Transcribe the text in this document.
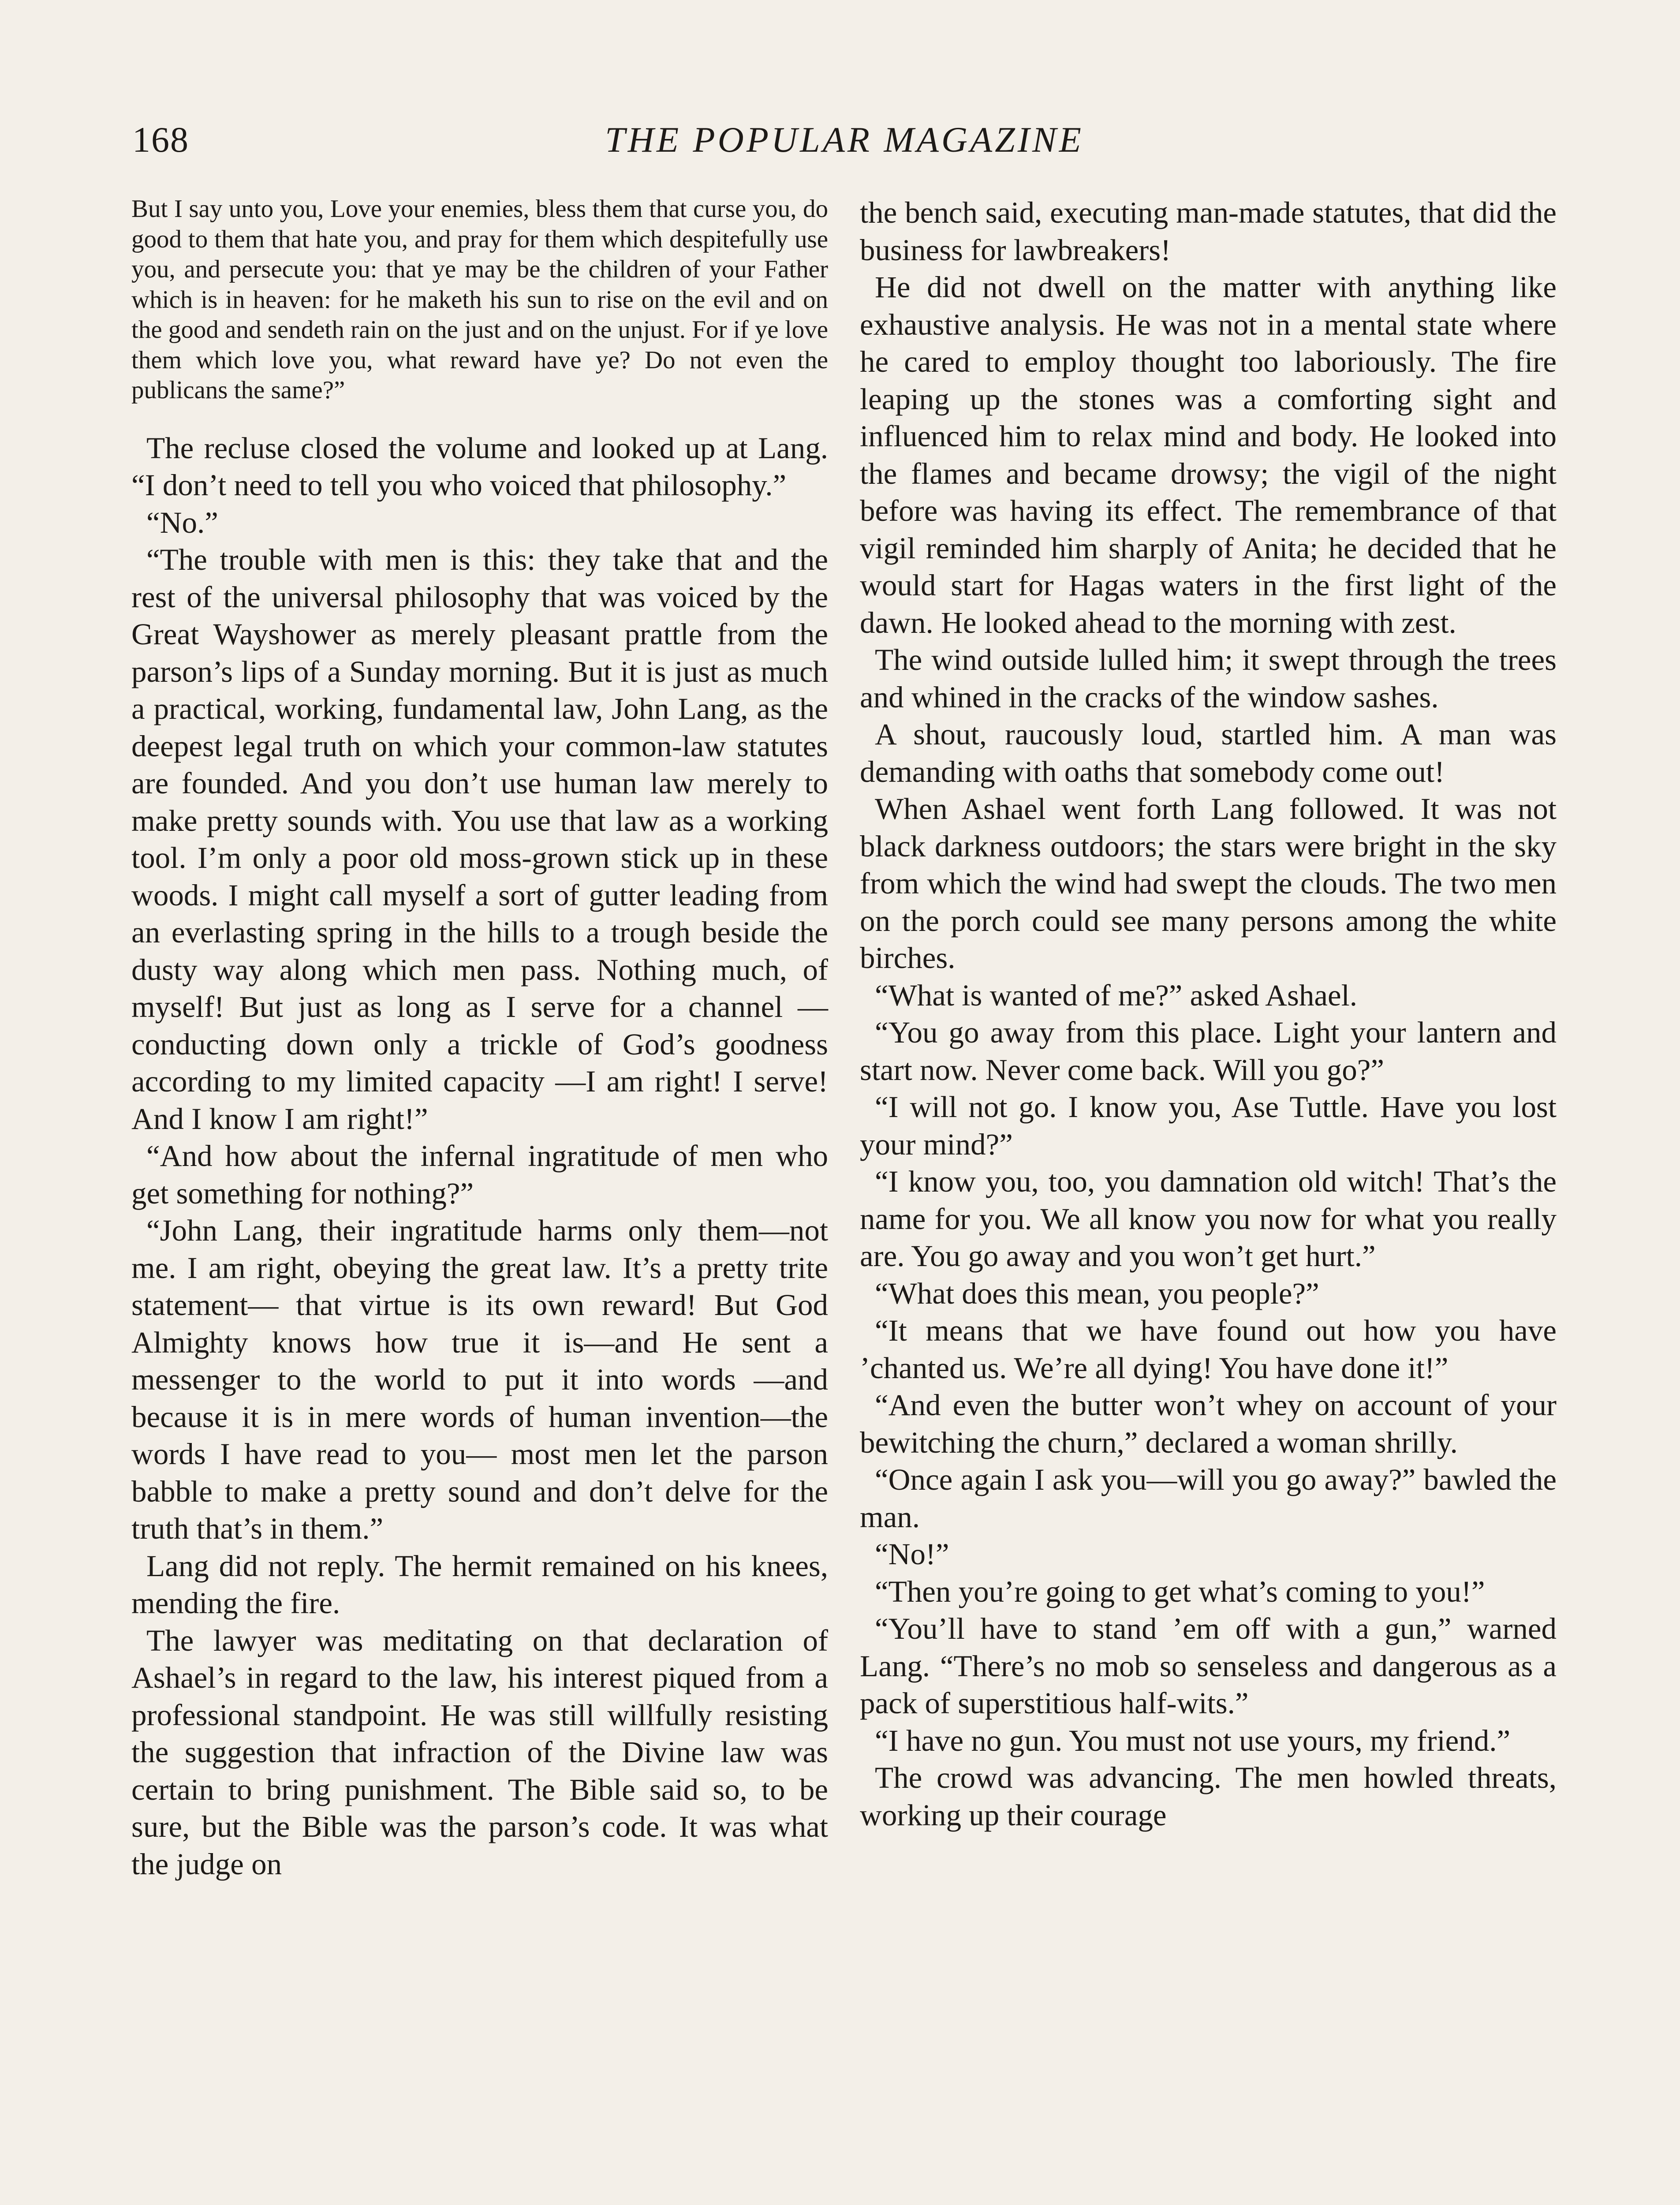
168	THE POPULAR MAGAZINE

But I say unto you, Love your enemies, bless them that curse you, do good to them that hate you, and pray for them which despitefully use you, and persecute you: that ye may be the children of your Father which is in heaven: for he maketh his sun to rise on the evil and on the good and sendeth rain on the just and on the unjust. For if ye love them which love you, what reward have ye? Do not even the publicans the same?”

The recluse closed the volume and looked up at Lang. “I don’t need to tell you who voiced that philosophy.”

“No.”

“The trouble with men is this: they take that and the rest of the universal philosophy that was voiced by the Great Wayshower as merely pleasant prattle from the parson’s lips of a Sunday morning. But it is just as much a practical, working, fundamental law, John Lang, as the deepest legal truth on which your common-law statutes are founded. And you don’t use human law merely to make pretty sounds with. You use that law as a working tool. I’m only a poor old moss-grown stick up in these woods. I might call myself a sort of gutter leading from an everlasting spring in the hills to a trough beside the dusty way along which men pass. Nothing much, of myself! But just as long as I serve for a channel —conducting down only a trickle of God’s goodness according to my limited capacity —I am right! I serve! And I know I am right!”

“And how about the infernal ingratitude of men who get something for nothing?”

“John Lang, their ingratitude harms only them—not me. I am right, obeying the great law. It’s a pretty trite statement— that virtue is its own reward! But God Almighty knows how true it is—and He sent a messenger to the world to put it into words —and because it is in mere words of human invention—the words I have read to you— most men let the parson babble to make a pretty sound and don’t delve for the truth that’s in them.”

Lang did not reply. The hermit remained on his knees, mending the fire.

The lawyer was meditating on that declaration of Ashael’s in regard to the law, his interest piqued from a professional standpoint. He was still willfully resisting the suggestion that infraction of the Divine law was certain to bring punishment. The Bible said so, to be sure, but the Bible was the parson’s code. It was what the judge on

the bench said, executing man-made statutes, that did the business for lawbreakers!

He did not dwell on the matter with anything like exhaustive analysis. He was not in a mental state where he cared to employ thought too laboriously. The fire leaping up the stones was a comforting sight and influenced him to relax mind and body. He looked into the flames and became drowsy; the vigil of the night before was having its effect. The remembrance of that vigil reminded him sharply of Anita; he decided that he would start for Hagas waters in the first light of the dawn. He looked ahead to the morning with zest.

The wind outside lulled him; it swept through the trees and whined in the cracks of the window sashes.

A shout, raucously loud, startled him. A man was demanding with oaths that somebody come out!

When Ashael went forth Lang followed. It was not black darkness outdoors; the stars were bright in the sky from which the wind had swept the clouds. The two men on the porch could see many persons among the white birches.

“What is wanted of me?” asked Ashael.

“You go away from this place. Light your lantern and start now. Never come back. Will you go?”

“I will not go. I know you, Ase Tuttle. Have you lost your mind?”

“I know you, too, you damnation old witch! That’s the name for you. We all know you now for what you really are. You go away and you won’t get hurt.”

“What does this mean, you people?”

“It means that we have found out how you have ’chanted us. We’re all dying! You have done it!”

“And even the butter won’t whey on account of your bewitching the churn,” declared a woman shrilly.

“Once again I ask you—will you go away?” bawled the man.

“No!”

“Then you’re going to get what’s coming to you!”

“You’ll have to stand ’em off with a gun,” warned Lang. “There’s no mob so senseless and dangerous as a pack of superstitious half-wits.”

“I have no gun. You must not use yours, my friend.”

The crowd was advancing. The men howled threats, working up their courage
